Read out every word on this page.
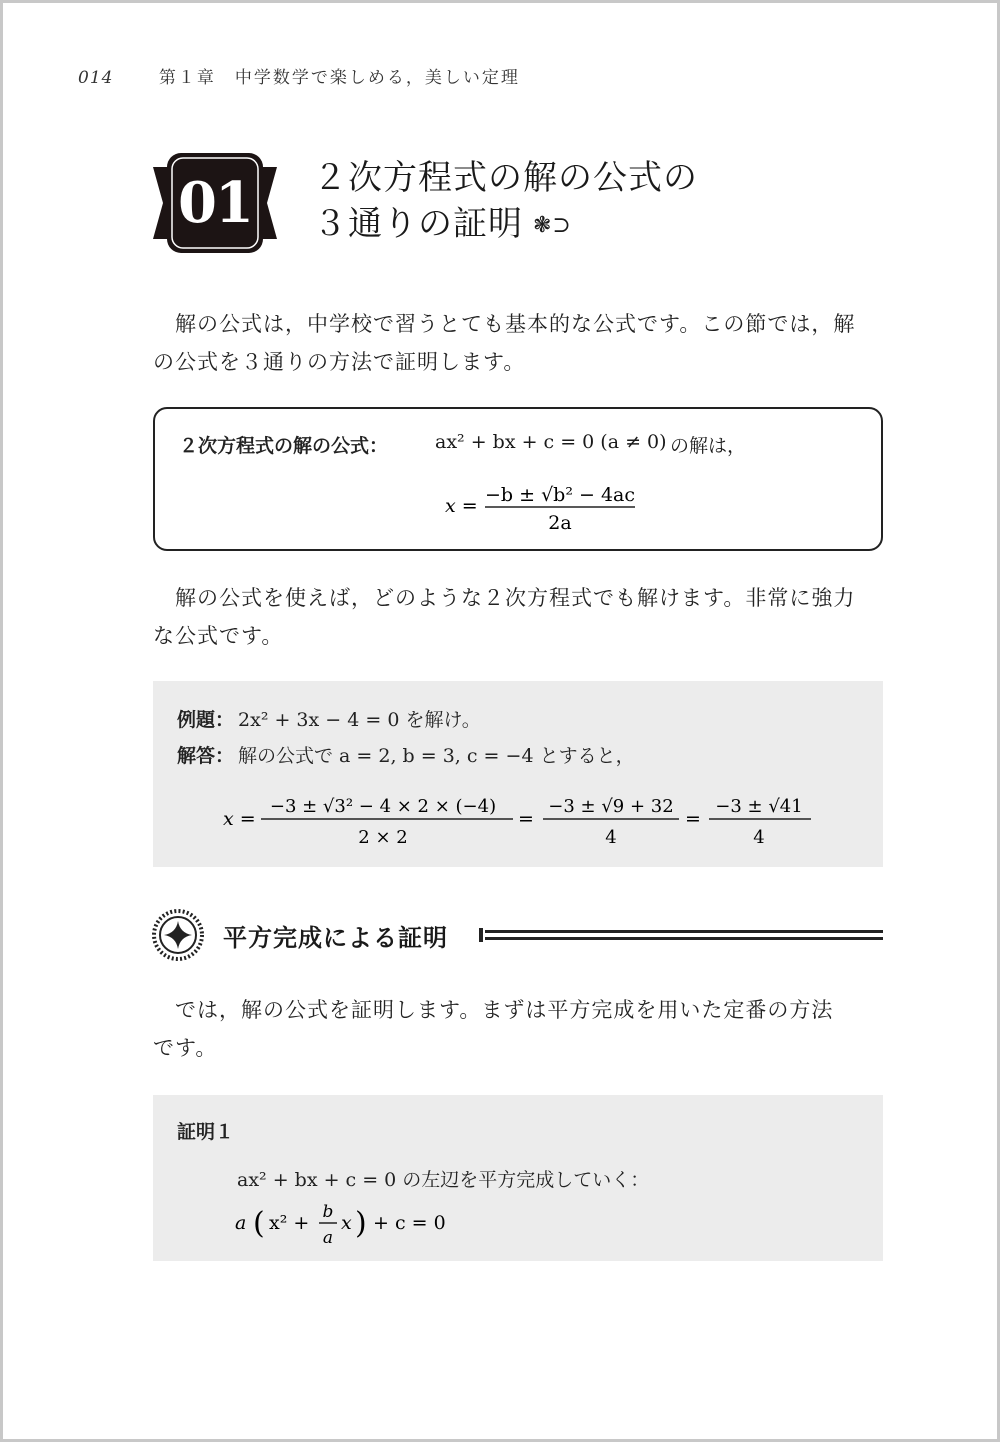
014	第１章　中学数学で楽しめる，美しい定理
01	２次方程式の解の公式の
３通りの証明 ❃⊃
　解の公式は，中学校で習うとても基本的な公式です。この節では，解
の公式を３通りの方法で証明します。
２次方程式の解の公式： ax² + bx + c = 0 (a ≠ 0) の解は，
x = −b ± √b² − 4ac
2a
　解の公式を使えば，どのような２次方程式でも解けます。非常に強力
な公式です。
例題： 2x² + 3x − 4 = 0 を解け。
解答： 解の公式で a = 2, b = 3, c = −4 とすると，
x =
−3 ± √3² − 4 × 2 × (−4)
2 × 2
=
−3 ± √9 + 32
4
=
−3 ± √41
4
平方完成による証明
　では，解の公式を証明します。まずは平方完成を用いた定番の方法
です。
証明１
ax² + bx + c = 0 の左辺を平方完成していく：
a ( x² + b
a
x ) + c = 0
